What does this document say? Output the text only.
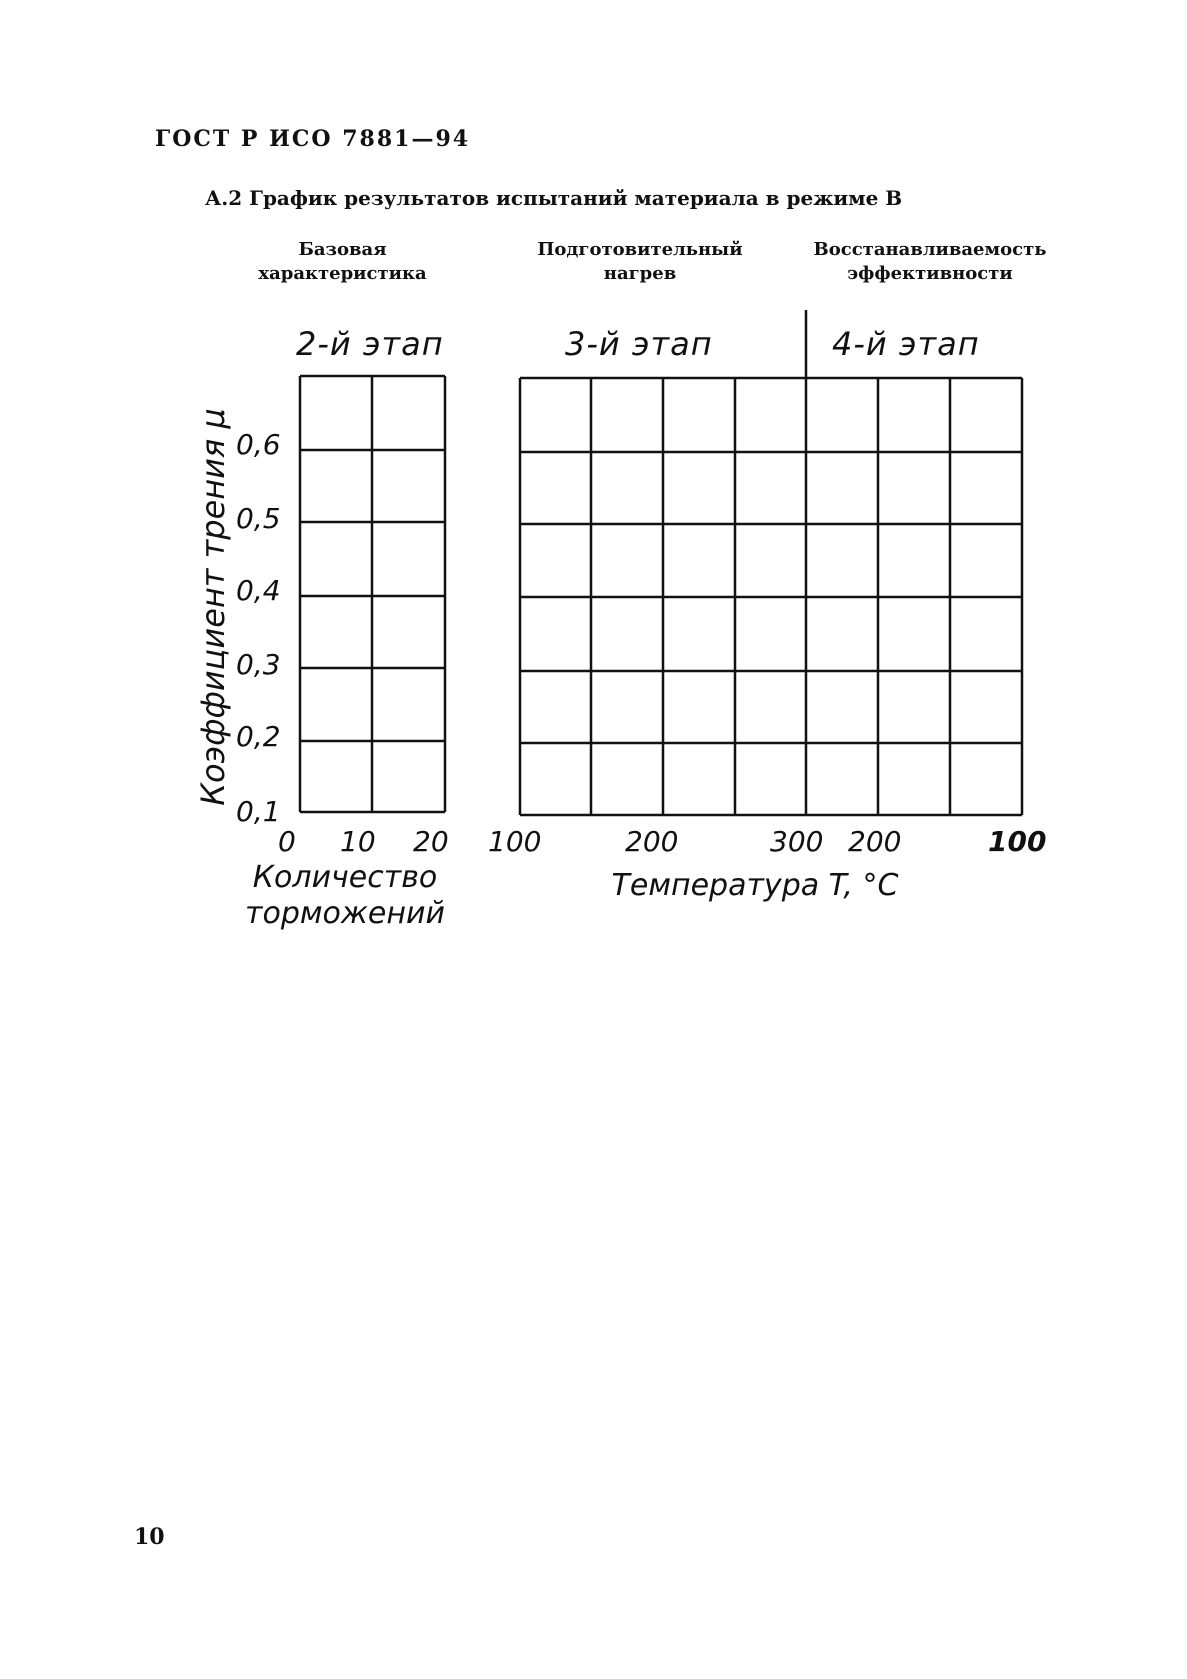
ГОСТ Р ИСО 7881—94
А.2 График результатов испытаний материала в режиме В
Базовая
характеристика
Подготовительный
нагрев
Восстанавливаемость
эффективности
2-й этап	3-й этап	4-й этап
Коэффициент трения μ 0,6
0,5
0,4
0,3
0,2
0,1
0 10 20 100	200	300 200	100
Количество
торможений
Температура T, °C
10
